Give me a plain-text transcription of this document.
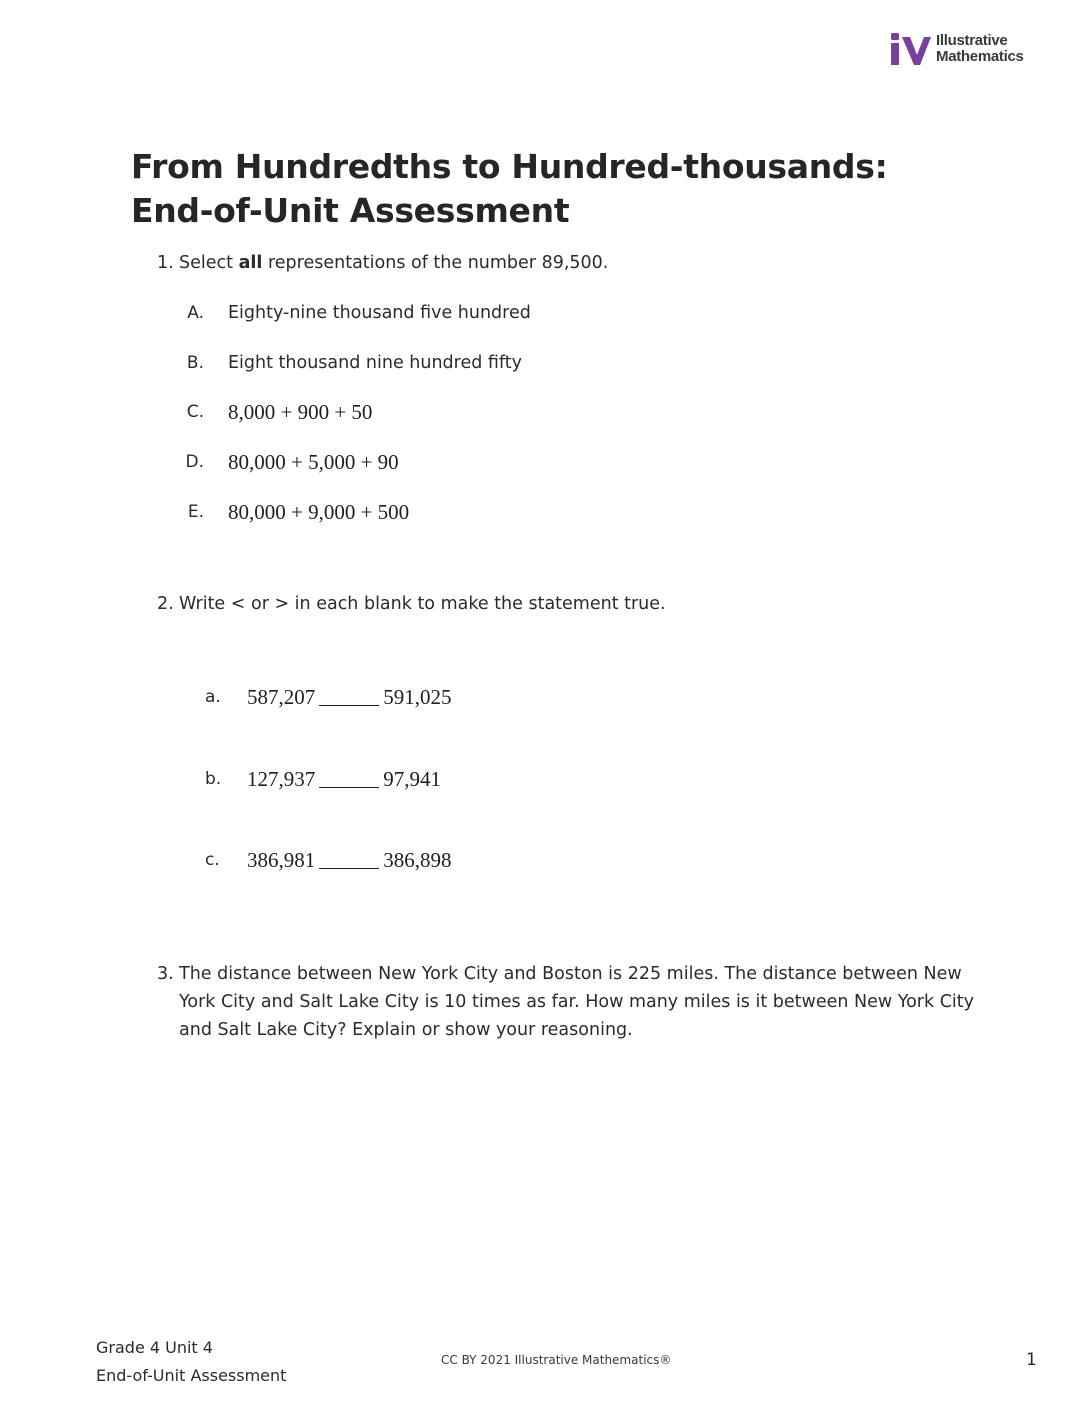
Illustrative
Mathematics
From Hundredths to Hundred-thousands:
End-of-Unit Assessment
1. Select all representations of the number 89,500.
A. Eighty-nine thousand five hundred
B. Eight thousand nine hundred fifty
C. 8,000 + 900 + 50
D. 80,000 + 5,000 + 90
E. 80,000 + 9,000 + 500
2. Write < or > in each blank to make the statement true.
a. 587,207	591,025
b. 127,937	97,941
c. 386,981	386,898
3. The distance between New York City and Boston is 225 miles. The distance between New York City and Salt Lake City is 10 times as far. How many miles is it between New York City and Salt Lake City? Explain or show your reasoning.
Grade 4 Unit 4
End-of-Unit Assessment
CC BY 2021 Illustrative Mathematics®	1
